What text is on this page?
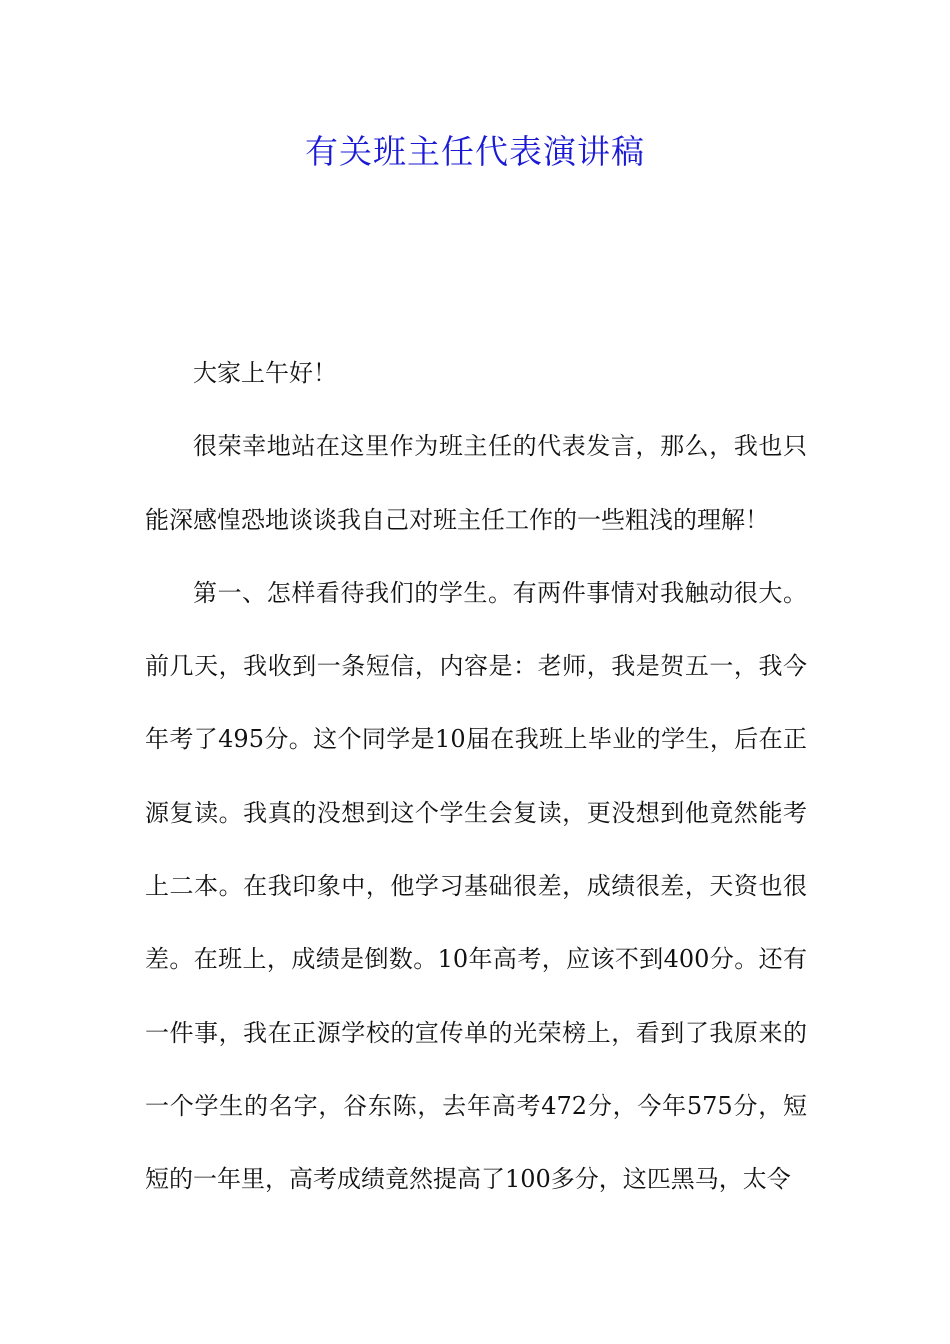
有关班主任代表演讲稿

大家上午好！

很荣幸地站在这里作为班主任的代表发言，那么，我也只能深感惶恐地谈谈我自己对班主任工作的一些粗浅的理解！

第一、怎样看待我们的学生。有两件事情对我触动很大。前几天，我收到一条短信，内容是：老师，我是贺五一，我今年考了495分。这个同学是10届在我班上毕业的学生，后在正源复读。我真的没想到这个学生会复读，更没想到他竟然能考上二本。在我印象中，他学习基础很差，成绩很差，天资也很差。在班上，成绩是倒数。10年高考，应该不到400分。还有一件事，我在正源学校的宣传单的光荣榜上，看到了我原来的一个学生的名字，谷东陈，去年高考472分，今年575分，短短的一年里，高考成绩竟然提高了100多分，这匹黑马，太令
